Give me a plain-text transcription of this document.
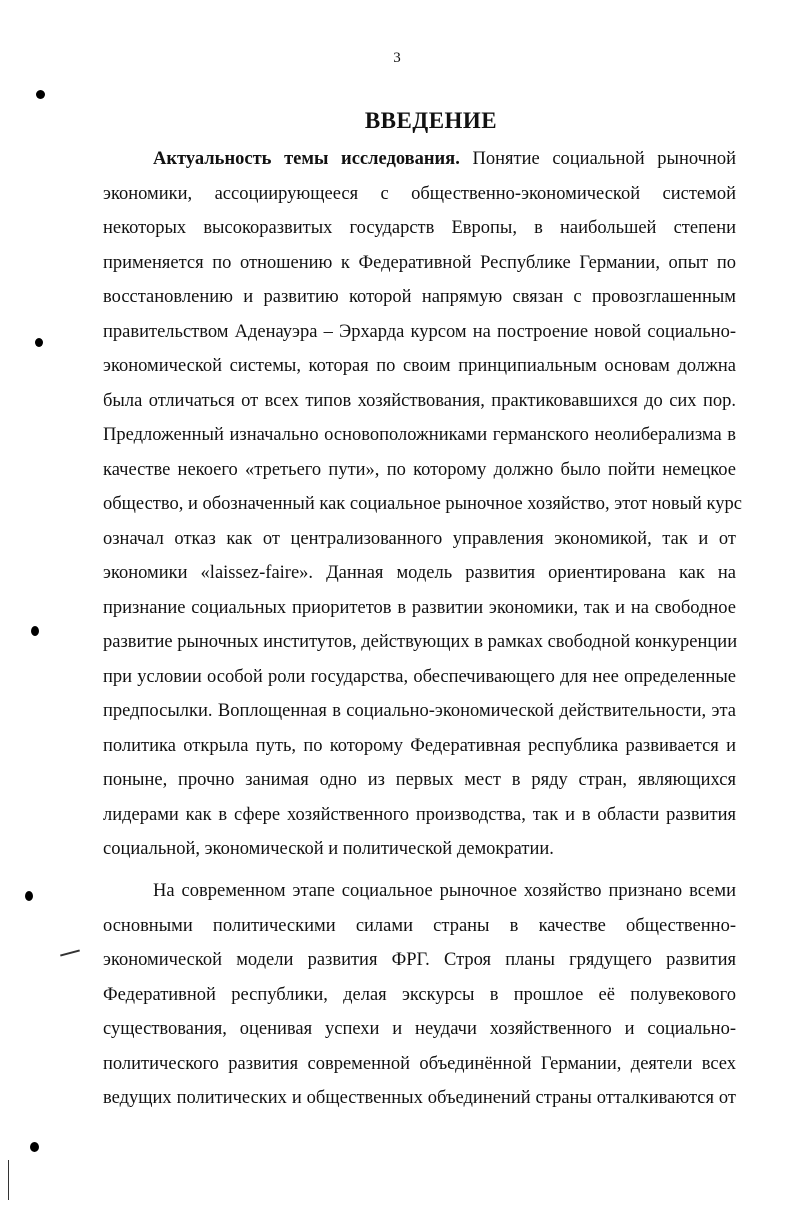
3
ВВЕДЕНИЕ
Актуальность темы исследования. Понятие социальной рыночной
экономики, ассоциирующееся с общественно-экономической системой
некоторых высокоразвитых государств Европы, в наибольшей степени
применяется по отношению к Федеративной Республике Германии, опыт по
восстановлению и развитию которой напрямую связан с провозглашенным
правительством Аденауэра – Эрхарда курсом на построение новой социально-
экономической системы, которая по своим принципиальным основам должна
была отличаться от всех типов хозяйствования, практиковавшихся до сих пор.
Предложенный изначально основоположниками германского неолиберализма в
качестве некоего «третьего пути», по которому должно было пойти немецкое
общество, и обозначенный как социальное рыночное хозяйство, этот новый курс
означал отказ как от централизованного управления экономикой, так и от
экономики «laissez-faire». Данная модель развития ориентирована как на
признание социальных приоритетов в развитии экономики, так и на свободное
развитие рыночных институтов, действующих в рамках свободной конкуренции
при условии особой роли государства, обеспечивающего для нее определенные
предпосылки. Воплощенная в социально-экономической действительности, эта
политика открыла путь, по которому Федеративная республика развивается и
поныне, прочно занимая одно из первых мест в ряду стран, являющихся
лидерами как в сфере хозяйственного производства, так и в области развития
социальной, экономической и политической демократии.
На современном этапе социальное рыночное хозяйство признано всеми
основными политическими силами страны в качестве общественно-
экономической модели развития ФРГ. Строя планы грядущего развития
Федеративной республики, делая экскурсы в прошлое её полувекового
существования, оценивая успехи и неудачи хозяйственного и социально-
политического развития современной объединённой Германии, деятели всех
ведущих политических и общественных объединений страны отталкиваются от
